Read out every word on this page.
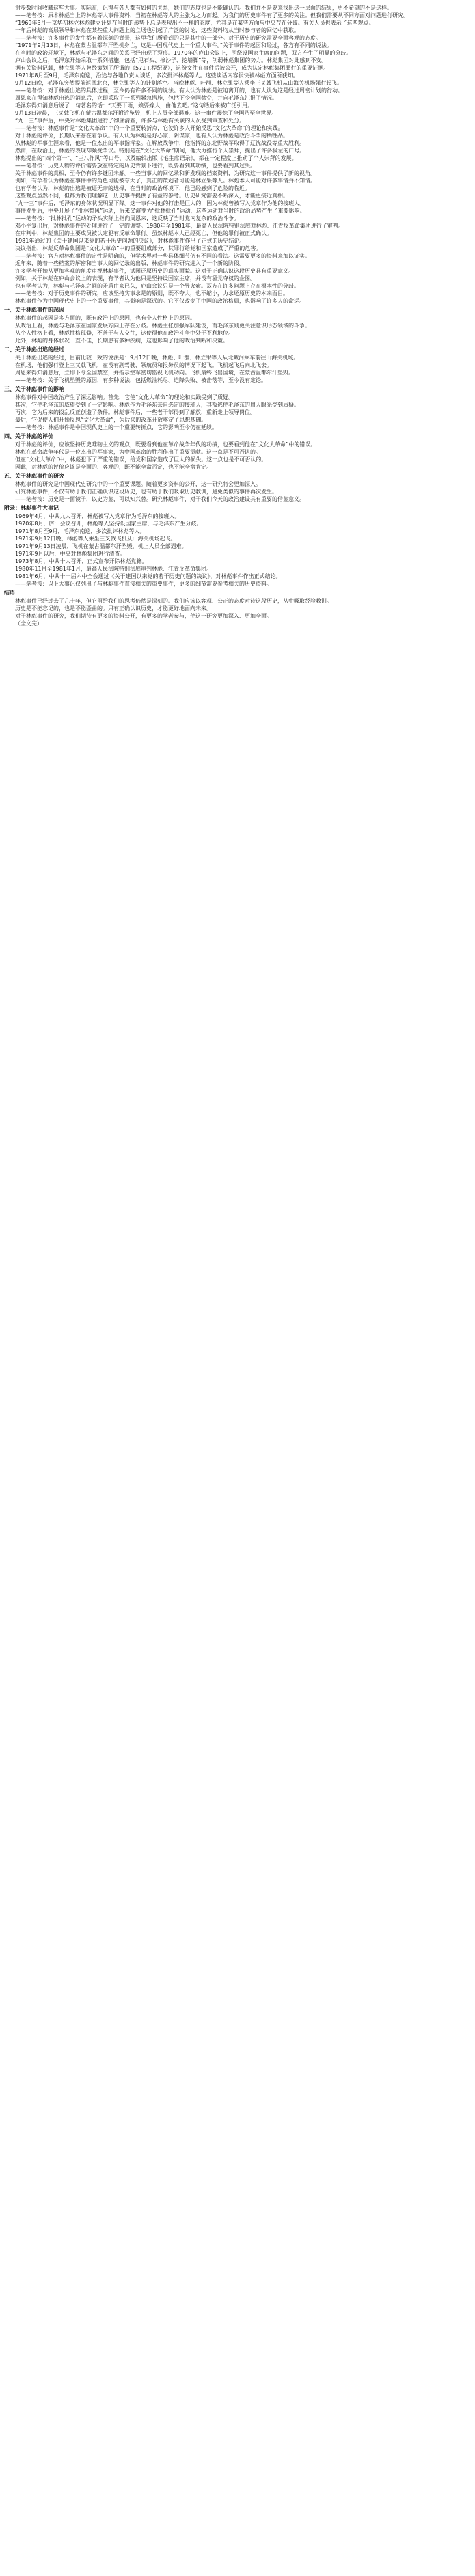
谢步数时间收藏这些大事。实际在，记得与各人都有如何的关系，她们的态度也是不能确认的。我们并不是要来找出这一层面的结果，更不希望的不是这样。

——笔者按：原本林彪当上的林彪等人事件资料，当初在林彪等人的主张为之力而起。为我们的历史事件有了更多的关注。但我们需要从不同方面对问题进行研究。

“1969年3月于京华初林立林彪建立计划在当时的形势下总是表现出不一样的态度，尤其是在某些方面与中央存在分歧。有关人员也表示了这些观点。

一年后林彪的高层领导和林彪在某些重大问题上的立场也引起了广泛的讨论，这些资料均从当时参与者的回忆中获取。

——笔者按：许多事件的发生都有着深刻的背景，这里我们所看到的只是其中的一部分。对于历史的研究需要全面客观的态度。

“1971年9月13日，林彪在蒙古温都尔汗坠机身亡，这是中国现代史上一个重大事件。”关于事件的起因和经过，各方有不同的说法。

在当时的政治环境下，林彪与毛泽东之间的关系已经出现了裂痕。1970年的庐山会议上，围绕设国家主席的问题，双方产生了明显的分歧。

庐山会议之后，毛泽东开始采取一系列措施，包括“甩石头、掺沙子、挖墙脚”等，削弱林彪集团的势力。林彪集团对此感到不安。

据有关资料记载，林立果等人曾经策划了所谓的《571工程纪要》，这份文件在事件后被公开，成为认定林彪集团罪行的重要证据。

1971年8月至9月，毛泽东南巡，沿途与各地负责人谈话，多次批评林彪等人。这些谈话内容很快被林彪方面所获知。

9月12日晚，毛泽东突然提前返回北京，林立果等人的计划落空。当晚林彪、叶群、林立果等人乘坐三叉戟飞机从山海关机场强行起飞。

——笔者按：对于林彪出逃的具体过程，至今仍有许多不同的说法。有人认为林彪是被迫离开的，也有人认为这是经过周密计划的行动。

周恩来在得知林彪出逃的消息后，立即采取了一系列紧急措施，包括下令全国禁空，并向毛泽东汇报了情况。

毛泽东得知消息后说了一句著名的话：“天要下雨，娘要嫁人，由他去吧。”这句话后来被广泛引用。

9月13日凌晨，三叉戟飞机在蒙古温都尔汗附近坠毁，机上人员全部遇难。这一事件震惊了全国乃至全世界。

“九一三”事件后，中央对林彪集团进行了彻底清查，许多与林彪有关联的人员受到审查和处分。

——笔者按：林彪事件是“文化大革命”中的一个重要转折点，它使许多人开始反思“文化大革命”的理论和实践。

对于林彪的评价，长期以来存在着争议。有人认为林彪是野心家、阴谋家，也有人认为林彪是政治斗争的牺牲品。

从林彪的军事生涯来看，他是一位杰出的军事指挥家。在解放战争中，他指挥的东北野战军取得了辽沈战役等重大胜利。

然而，在政治上，林彪的表现却颇受争议。特别是在“文化大革命”期间，他大力推行个人崇拜，提出了许多极左的口号。

林彪提出的“四个第一”、“三八作风”等口号，以及编辑出版《毛主席语录》，都在一定程度上推动了个人崇拜的发展。

——笔者按：历史人物的评价需要放在特定的历史背景下进行，既要看到其功绩，也要看到其过失。

关于林彪事件的真相，至今仍有许多谜团未解。一些当事人的回忆录和新发现的档案资料，为研究这一事件提供了新的视角。

例如，有学者认为林彪在事件中的角色可能被夸大了，真正的策划者可能是林立果等人。林彪本人可能对许多事情并不知情。

也有学者认为，林彪的出逃是被逼无奈的选择，在当时的政治环境下，他已经感到了危险的临近。

这些观点虽然不同，但都为我们理解这一历史事件提供了有益的参考。历史研究需要不断深入，才能更接近真相。

“九一三”事件后，毛泽东的身体状况明显下降。这一事件对他的打击是巨大的，因为林彪曾被写入党章作为他的接班人。

事件发生后，中央开展了“批林整风”运动，后来又演变为“批林批孔”运动，这些运动对当时的政治局势产生了重要影响。

——笔者按：“批林批孔”运动的矛头实际上指向周恩来，这反映了当时党内复杂的政治斗争。

邓小平复出后，对林彪事件的处理进行了一定的调整。1980年至1981年，最高人民法院特别法庭对林彪、江青反革命集团进行了审判。

在审判中，林彪集团的主要成员被认定犯有反革命罪行。虽然林彪本人已经死亡，但他的罪行被正式确认。

1981年通过的《关于建国以来党的若干历史问题的决议》，对林彪事件作出了正式的历史结论。

决议指出，林彪反革命集团是“文化大革命”中的重要组成部分，其罪行给党和国家造成了严重的危害。

——笔者按：官方对林彪事件的定性是明确的，但学术界对一些具体细节仍有不同的看法。这需要更多的资料来加以证实。

近年来，随着一些档案的解密和当事人的回忆录的出版，林彪事件的研究进入了一个新的阶段。

许多学者开始从更加客观的角度审视林彪事件，试图还原历史的真实面貌。这对于正确认识这段历史具有重要意义。

例如，关于林彪在庐山会议上的表现，有学者认为他只是坚持设国家主席，并没有篡党夺权的企图。

也有学者认为，林彪与毛泽东之间的矛盾由来已久，庐山会议只是一个导火索。双方在许多问题上存在根本性的分歧。

——笔者按：对于历史事件的研究，应该坚持实事求是的原则，既不夸大，也不缩小，力求还原历史的本来面目。

林彪事件作为中国现代史上的一个重要事件，其影响是深远的。它不仅改变了中国的政治格局，也影响了许多人的命运。

一、关于林彪事件的起因

林彪事件的起因是多方面的，既有政治上的原因，也有个人性格上的原因。

从政治上看，林彪与毛泽东在国家发展方向上存在分歧。林彪主张加强军队建设，而毛泽东则更关注意识形态领域的斗争。

从个人性格上看，林彪性格孤僻，不善于与人交往，这使得他在政治斗争中处于不利地位。

此外，林彪的身体状况一直不佳，长期患有多种疾病，这也影响了他的政治判断和决策。

二、关于林彪出逃的经过

关于林彪出逃的经过，目前比较一致的说法是：9月12日晚，林彪、叶群、林立果等人从北戴河乘车前往山海关机场。

在机场，他们强行登上三叉戟飞机，在没有副驾驶、领航员和报务员的情况下起飞。飞机起飞后向北飞去。

周恩来得知消息后，立即下令全国禁空，并指示空军密切监视飞机动向。飞机最终飞出国境，在蒙古温都尔汗坠毁。

——笔者按：关于飞机坠毁的原因，有多种说法，包括燃油耗尽、迫降失败、被击落等，至今没有定论。

三、关于林彪事件的影响

林彪事件对中国政治产生了深远影响。首先，它使“文化大革命”的理论和实践受到了质疑。

其次，它使毛泽东的威望受到了一定影响。林彪作为毛泽东亲自选定的接班人，其叛逃使毛泽东的用人眼光受到质疑。

再次，它为后来的拨乱反正创造了条件。林彪事件后，一些老干部得到了解放，重新走上领导岗位。

最后，它促使人们开始反思“文化大革命”，为后来的改革开放奠定了思想基础。

——笔者按：林彪事件是中国现代史上的一个重要转折点，它的影响至今仍在延续。

四、关于林彪的评价

对于林彪的评价，应该坚持历史唯物主义的观点，既要看到他在革命战争年代的功绩，也要看到他在“文化大革命”中的错误。

林彪在革命战争年代是一位杰出的军事家，为中国革命的胜利作出了重要贡献。这一点是不可否认的。

但在“文化大革命”中，林彪犯下了严重的错误，给党和国家造成了巨大的损失。这一点也是不可否认的。

因此，对林彪的评价应该是全面的、客观的，既不能全盘否定，也不能全盘肯定。

五、关于林彪事件的研究

林彪事件的研究是中国现代史研究中的一个重要课题。随着更多资料的公开，这一研究将会更加深入。

研究林彪事件，不仅有助于我们正确认识这段历史，也有助于我们吸取历史教训，避免类似的事件再次发生。

——笔者按：历史是一面镜子，以史为鉴，可以知兴替。研究林彪事件，对于我们今天的政治建设具有重要的借鉴意义。

附录：林彪事件大事记

1969年4月，中共九大召开，林彪被写入党章作为毛泽东的接班人。

1970年8月，庐山会议召开，林彪等人坚持设国家主席，与毛泽东产生分歧。

1971年8月至9月，毛泽东南巡，多次批评林彪等人。

1971年9月12日晚，林彪等人乘坐三叉戟飞机从山海关机场起飞。

1971年9月13日凌晨，飞机在蒙古温都尔汗坠毁，机上人员全部遇难。

1971年9月以后，中央对林彪集团进行清查。

1973年8月，中共十大召开，正式宣布开除林彪党籍。

1980年11月至1981年1月，最高人民法院特别法庭审判林彪、江青反革命集团。

1981年6月，中共十一届六中全会通过《关于建国以来党的若干历史问题的决议》，对林彪事件作出正式结论。

——笔者按：以上大事记仅列出了与林彪事件直接相关的重要事件，更多的细节需要参考相关的历史资料。

结语

林彪事件已经过去了几十年，但它留给我们的思考仍然是深刻的。我们应该以客观、公正的态度对待这段历史，从中吸取经验教训。

历史是不能忘记的，也是不能歪曲的。只有正确认识历史，才能更好地面向未来。

对于林彪事件的研究，我们期待有更多的资料公开，有更多的学者参与，使这一研究更加深入、更加全面。

（全文完）
